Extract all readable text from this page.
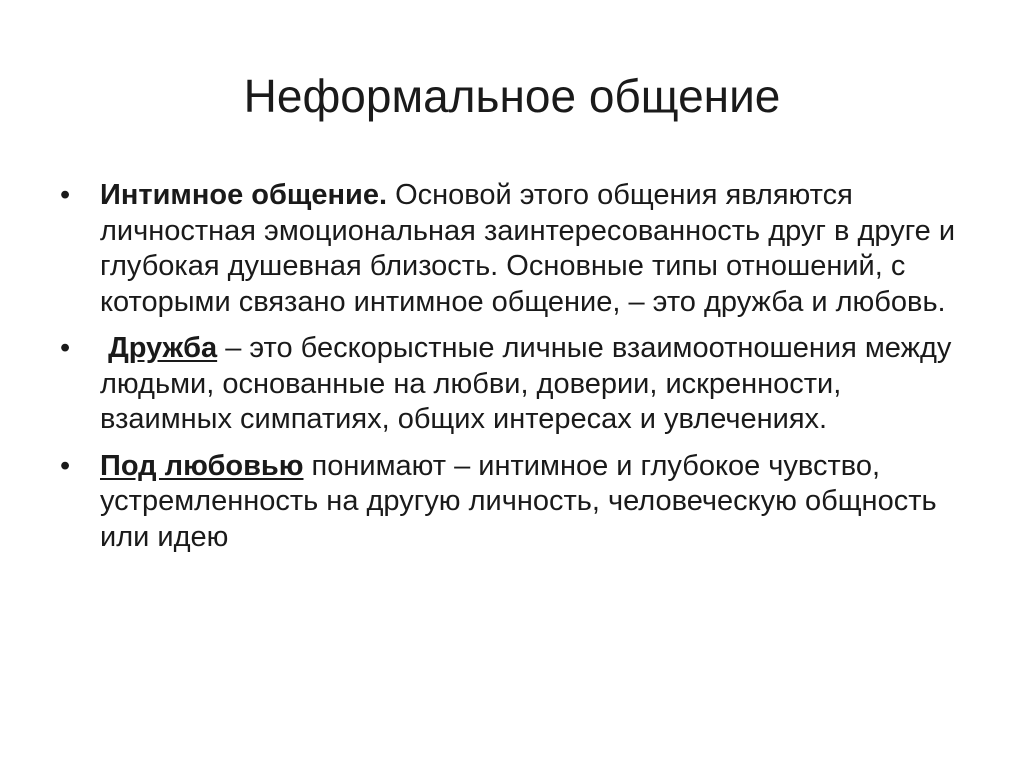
Неформальное общение
•	Интимное общение. Основой этого общения являются личностная эмоциональная заинтересованность друг в друге и глубокая душевная близость. Основные типы отношений, с которыми связано интимное общение, – это дружба и любовь.
•	Дружба – это бескорыстные личные взаимоотношения между людьми, основанные на любви, доверии, искренности, взаимных симпатиях, общих интересах и увлечениях.
•	Под любовью понимают – интимное и глубокое чувство, устремленность на другую личность, человеческую общность или идею
